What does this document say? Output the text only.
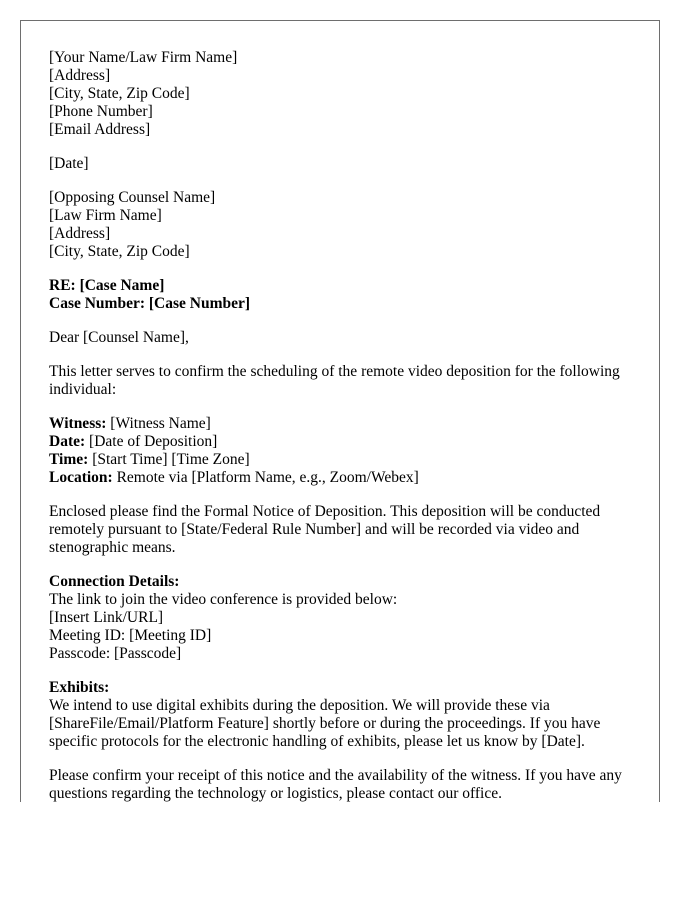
[Your Name/Law Firm Name]
[Address]
[City, State, Zip Code]
[Phone Number]
[Email Address]
[Date]
[Opposing Counsel Name]
[Law Firm Name]
[Address]
[City, State, Zip Code]
RE: [Case Name]
Case Number: [Case Number]
Dear [Counsel Name],
This letter serves to confirm the scheduling of the remote video deposition for the following individual:
Witness: [Witness Name]
Date: [Date of Deposition]
Time: [Start Time] [Time Zone]
Location: Remote via [Platform Name, e.g., Zoom/Webex]
Enclosed please find the Formal Notice of Deposition. This deposition will be conducted remotely pursuant to [State/Federal Rule Number] and will be recorded via video and stenographic means.
Connection Details:
The link to join the video conference is provided below:
[Insert Link/URL]
Meeting ID: [Meeting ID]
Passcode: [Passcode]
Exhibits:
We intend to use digital exhibits during the deposition. We will provide these via [ShareFile/Email/Platform Feature] shortly before or during the proceedings. If you have specific protocols for the electronic handling of exhibits, please let us know by [Date].
Please confirm your receipt of this notice and the availability of the witness. If you have any questions regarding the technology or logistics, please contact our office.
